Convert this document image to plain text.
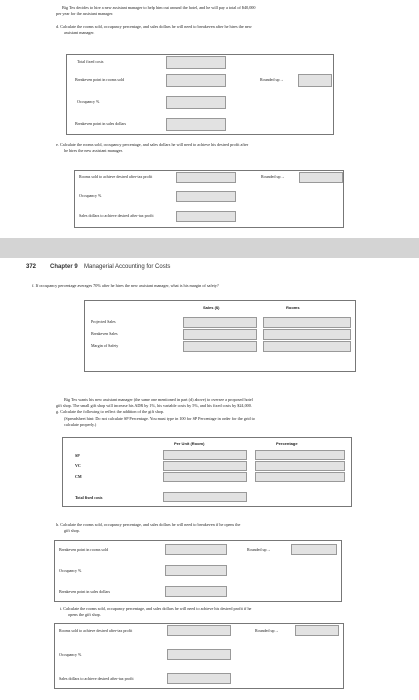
Big Tex decides to hire a new assistant manager to help him out around the hotel, and he will pay a total of $40,000
per year for the assistant manager.
d. Calculate the rooms sold, occupancy percentage, and sales dollars he will need to breakeven after he hires the new
assistant manager.
Total fixed costs
Breakeven point in rooms sold	Rounded up→
Occupancy %
Breakeven point in sales dollars
e. Calculate the rooms sold, occupancy percentage, and sales dollars he will need to achieve his desired profit after
he hires the new assistant manager.
Rooms sold to achieve desired after-tax profit	Rounded up→
Occupancy %
Sales dollars to achieve desired after-tax profit
372 Chapter 9 Managerial Accounting for Costs
f. If occupancy percentage averages 70% after he hires the new assistant manager, what is his margin of safety?
Sales ($)	Rooms
Projected Sales
Breakeven Sales
Margin of Safety
Big Tex wants his new assistant manager (the same one mentioned in part (d) above) to oversee a proposed hotel
gift shop. The small gift shop will increase his ADR by 1%, his variable costs by 5%, and his fixed costs by $24,000.
g. Calculate the following to reflect the addition of the gift shop.
(Spreadsheet hint: Do not calculate SP Percentage. You must type in 100 for SP Percentage in order for the grid to
calculate properly.)
Per Unit (Room)	Percentage
SP
VC
CM
Total fixed costs
h. Calculate the rooms sold, occupancy percentage, and sales dollars he will need to breakeven if he opens the
gift shop.
Breakeven point in rooms sold	Rounded up→
Occupancy %
Breakeven point in sales dollars
i. Calculate the rooms sold, occupancy percentage, and sales dollars he will need to achieve his desired profit if he
opens the gift shop.
Rooms sold to achieve desired after-tax profit	Rounded up→
Occupancy %
Sales dollars to achieve desired after-tax profit
